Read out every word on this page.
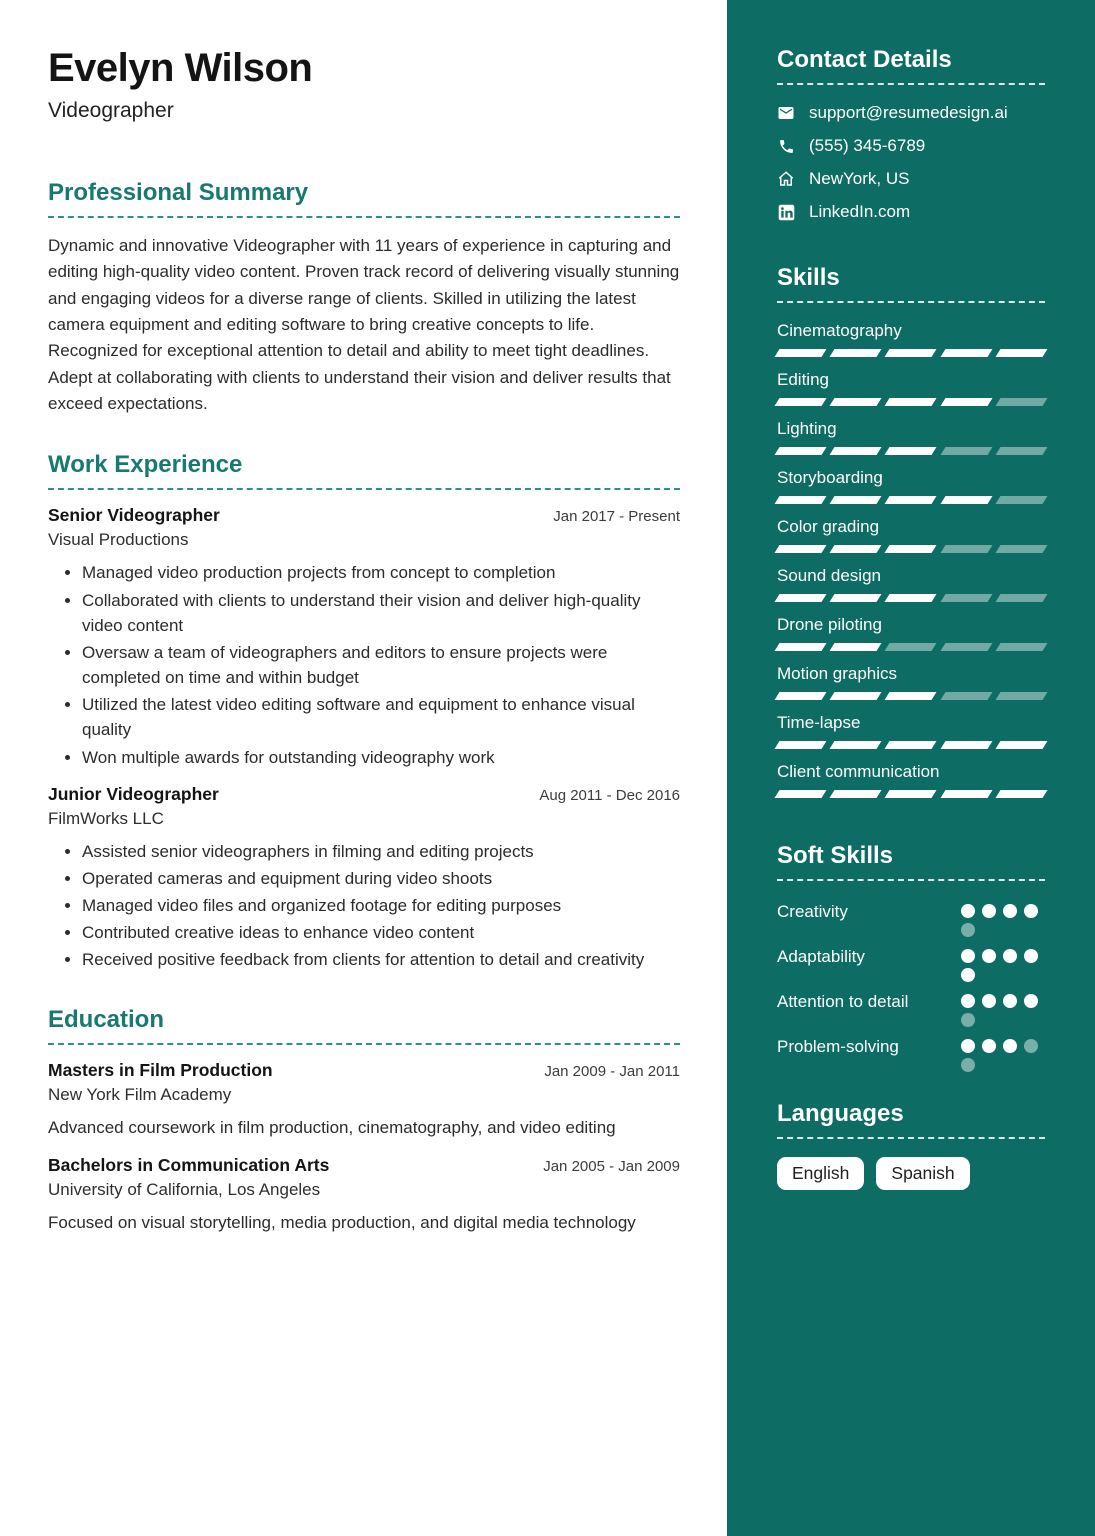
Evelyn Wilson
Videographer
Professional Summary

Dynamic and innovative Videographer with 11 years of experience in capturing and editing high-quality video content. Proven track record of delivering visually stunning and engaging videos for a diverse range of clients. Skilled in utilizing the latest camera equipment and editing software to bring creative concepts to life. Recognized for exceptional attention to detail and ability to meet tight deadlines. Adept at collaborating with clients to understand their vision and deliver results that exceed expectations.

Work Experience
Senior Videographer	Jan 2017 - Present
Visual Productions
• Managed video production projects from concept to completion
• Collaborated with clients to understand their vision and deliver high-quality video content
• Oversaw a team of videographers and editors to ensure projects were completed on time and within budget
• Utilized the latest video editing software and equipment to enhance visual quality
• Won multiple awards for outstanding videography work
Junior Videographer	Aug 2011 - Dec 2016
FilmWorks LLC
• Assisted senior videographers in filming and editing projects
• Operated cameras and equipment during video shoots
• Managed video files and organized footage for editing purposes
• Contributed creative ideas to enhance video content
• Received positive feedback from clients for attention to detail and creativity
Education
Masters in Film Production	Jan 2009 - Jan 2011
New York Film Academy
Advanced coursework in film production, cinematography, and video editing
Bachelors in Communication Arts	Jan 2005 - Jan 2009
University of California, Los Angeles
Focused on visual storytelling, media production, and digital media technology
Contact Details
support@resumedesign.ai
(555) 345-6789
NewYork, US
LinkedIn.com
Skills
Cinematography
Editing
Lighting
Storyboarding
Color grading
Sound design
Drone piloting
Motion graphics
Time-lapse
Client communication
Soft Skills
Creativity
Adaptability
Attention to detail
Problem-solving
Languages
English	Spanish
